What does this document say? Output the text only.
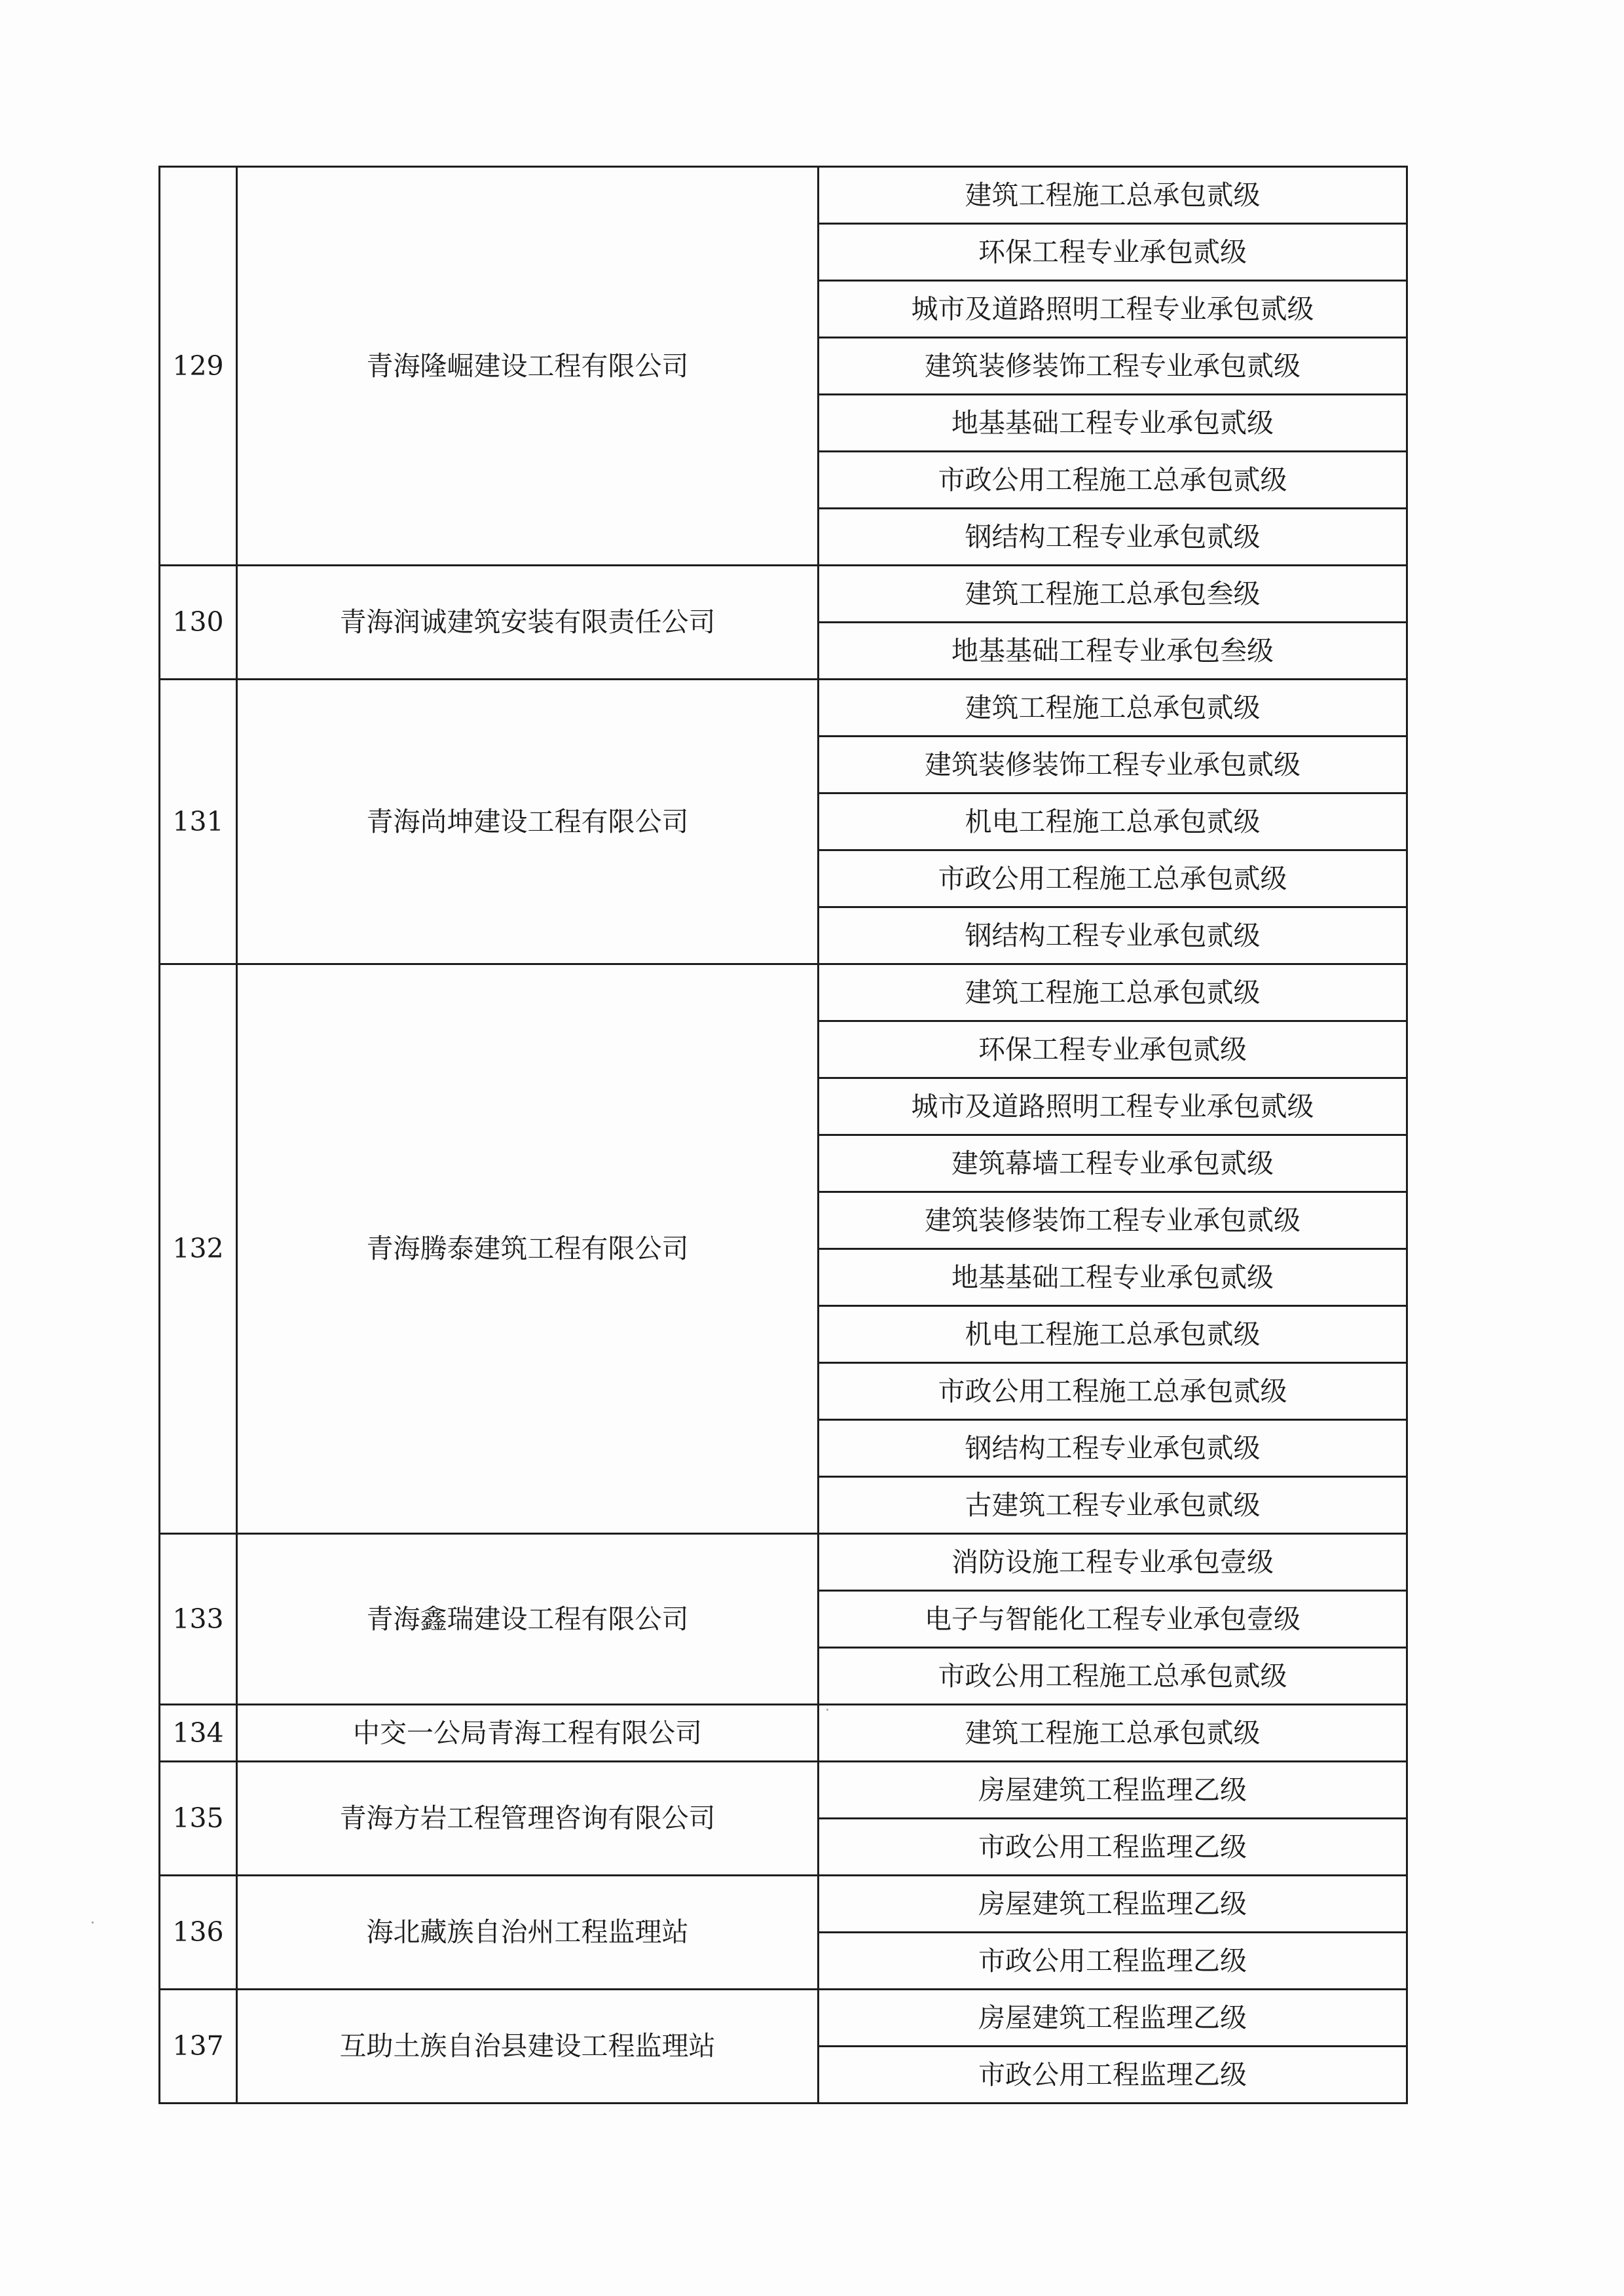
129	青海隆崛建设工程有限公司	建筑工程施工总承包贰级
		环保工程专业承包贰级
		城市及道路照明工程专业承包贰级
		建筑装修装饰工程专业承包贰级
		地基基础工程专业承包贰级
		市政公用工程施工总承包贰级
		钢结构工程专业承包贰级
130	青海润诚建筑安装有限责任公司	建筑工程施工总承包叁级
		地基基础工程专业承包叁级
131	青海尚坤建设工程有限公司	建筑工程施工总承包贰级
		建筑装修装饰工程专业承包贰级
		机电工程施工总承包贰级
		市政公用工程施工总承包贰级
		钢结构工程专业承包贰级
132	青海腾泰建筑工程有限公司	建筑工程施工总承包贰级
		环保工程专业承包贰级
		城市及道路照明工程专业承包贰级
		建筑幕墙工程专业承包贰级
		建筑装修装饰工程专业承包贰级
		地基基础工程专业承包贰级
		机电工程施工总承包贰级
		市政公用工程施工总承包贰级
		钢结构工程专业承包贰级
		古建筑工程专业承包贰级
133	青海鑫瑞建设工程有限公司	消防设施工程专业承包壹级
		电子与智能化工程专业承包壹级
		市政公用工程施工总承包贰级
134	中交一公局青海工程有限公司	建筑工程施工总承包贰级
135	青海方岩工程管理咨询有限公司	房屋建筑工程监理乙级
		市政公用工程监理乙级
136	海北藏族自治州工程监理站	房屋建筑工程监理乙级
		市政公用工程监理乙级
137	互助土族自治县建设工程监理站	房屋建筑工程监理乙级
		市政公用工程监理乙级
